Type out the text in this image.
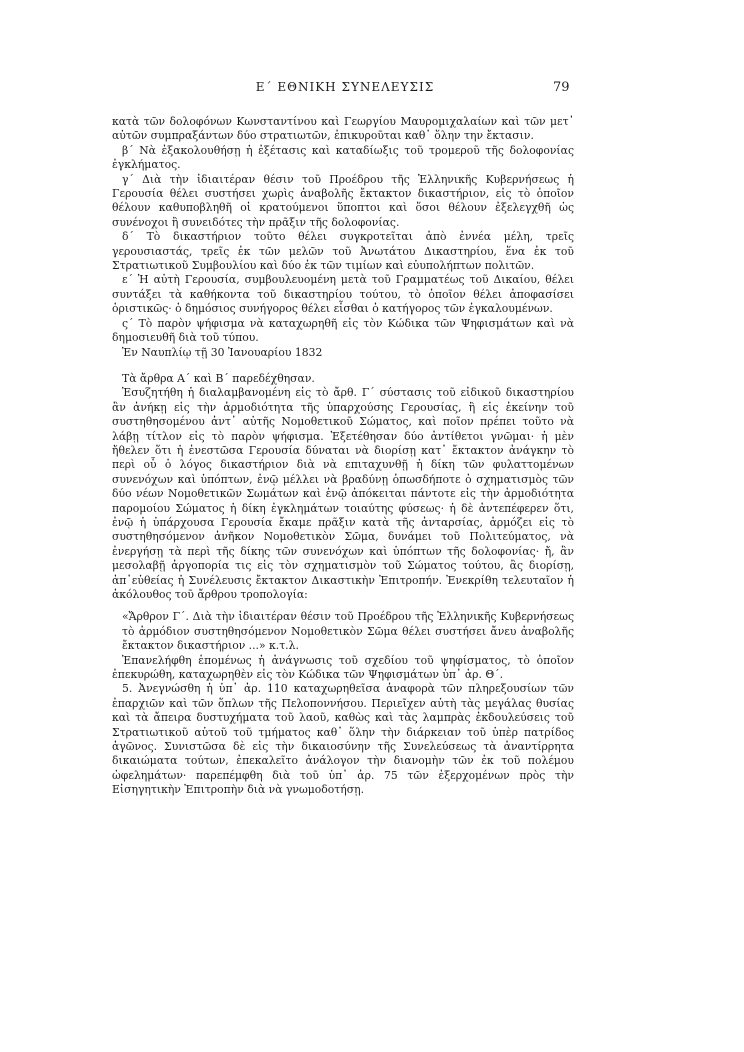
Ε΄ ΕΘΝΙΚΗ ΣΥΝΕΛΕΥΣΙΣ	79

κατὰ τῶν δολοφόνων Κωνσταντίνου καὶ Γεωργίου Μαυρομιχαλαίων καὶ τῶν μετ᾽ αὐτῶν συμπραξάντων δύο στρατιωτῶν, ἐπικυροῦται καθ᾽ ὅλην την ἔκτασιν.

β΄ Νὰ ἐξακολουθήσῃ ἡ ἐξέτασις καὶ καταδίωξις τοῦ τρομεροῦ τῆς δολοφονίας ἐγκλήματος.

γ΄ Διὰ τὴν ἰδιαιτέραν θέσιν τοῦ Προέδρου τῆς Ἑλληνικῆς Κυβερνήσεως ἡ Γερουσία θέλει συστήσει χωρὶς ἀναβολῆς ἔκτακτον δικαστήριον, εἰς τὸ ὁποῖον θέλουν καθυποβληθῆ οἱ κρατούμενοι ὕποπτοι καὶ ὅσοι θέλουν ἐξελεγχθῆ ὡς συνένοχοι ἢ συνειδότες τὴν πρᾶξιν τῆς δολοφονίας.

δ΄ Τὸ δικαστήριον τοῦτο θέλει συγκροτεῖται ἀπὸ ἐννέα μέλη, τρεῖς γερουσιαστάς, τρεῖς ἐκ τῶν μελῶν τοῦ Ἀνωτάτου Δικαστηρίου, ἕνα ἐκ τοῦ Στρατιωτικοῦ Συμβουλίου καὶ δύο ἐκ τῶν τιμίων καὶ εὐυπολήπτων πολιτῶν.

ε΄ Ἡ αὐτὴ Γερουσία, συμβουλευομένη μετὰ τοῦ Γραμματέως τοῦ Δικαίου, θέλει συντάξει τὰ καθήκοντα τοῦ δικαστηρίου τούτου, τὸ ὁποῖον θέλει ἀποφασίσει ὁριστικῶς· ὁ δημόσιος συνήγορος θέλει εἶσθαι ὁ κατήγορος τῶν ἐγκαλουμένων.

ς΄ Τὸ παρὸν ψήφισμα νὰ καταχωρηθῆ εἰς τὸν Κώδικα τῶν Ψηφισμάτων καὶ νὰ δημοσιευθῆ διὰ τοῦ τύπου.

Ἐν Ναυπλίῳ τῇ 30 Ἰανουαρίου 1832

Τὰ ἄρθρα Α΄ καὶ Β΄ παρεδέχθησαν.

Ἐσυζητήθη ἡ διαλαμβανομένη εἰς τὸ ἄρθ. Γ΄ σύστασις τοῦ εἰδικοῦ δικαστηρίου ἂν ἀνήκῃ εἰς τὴν ἁρμοδιότητα τῆς ὑπαρχούσης Γερουσίας, ἢ εἰς ἐκείνην τοῦ συστηθησομένου ἀντ᾽ αὐτῆς Νομοθετικοῦ Σώματος, καὶ ποῖον πρέπει τοῦτο νὰ λάβῃ τίτλον εἰς τὸ παρὸν ψήφισμα. Ἐξετέθησαν δύο ἀντίθετοι γνῶμαι· ἡ μὲν ἤθελεν ὅτι ἡ ἐνεστῶσα Γερουσία δύναται νὰ διορίσῃ κατ᾽ ἔκτακτον ἀνάγκην τὸ περὶ οὗ ὁ λόγος δικαστήριον διὰ νὰ επιταχυνθῇ ἡ δίκη τῶν φυλαττομένων συνενόχων καὶ ὑπόπτων, ἐνῷ μέλλει νὰ βραδύνῃ ὁπωσδήποτε ὁ σχηματισμὸς τῶν δύο νέων Νομοθετικῶν Σωμάτων καὶ ἐνῷ ἀπόκειται πάντοτε εἰς τὴν ἁρμοδιότητα παρομοίου Σώματος ἡ δίκη ἐγκλημάτων τοιαύτης φύσεως· ἡ δὲ ἀντεπέφερεν ὅτι, ἐνῷ ἡ ὑπάρχουσα Γερουσία ἔκαμε πρᾶξιν κατὰ τῆς ἀνταρσίας, ἁρμόζει εἰς τὸ συστηθησόμενον ἀνῆκον Νομοθετικὸν Σῶμα, δυνάμει τοῦ Πολιτεύματος, νὰ ἐνεργήσῃ τὰ περὶ τῆς δίκης τῶν συνενόχων καὶ ὑπόπτων τῆς δολοφονίας· ἤ, ἂν μεσολαβῇ ἀργοπορία τις εἰς τὸν σχηματισμὸν τοῦ Σώματος τούτου, ἂς διορίσῃ, ἀπ᾽εὐθείας ἡ Συνέλευσις ἔκτακτον Δικαστικὴν Ἐπιτροπήν. Ἐνεκρίθη τελευταῖον ἡ ἀκόλουθος τοῦ ἄρθρου τροπολογία:

«Ἄρθρον Γ΄. Διὰ τὴν ἰδιαιτέραν θέσιν τοῦ Προέδρου τῆς Ἑλληνικῆς Κυβερνήσεως τὸ ἁρμόδιον συστηθησόμενον Νομοθετικὸν Σῶμα θέλει συστήσει ἄνευ ἀναβολῆς ἔκτακτον δικαστήριον ...» κ.τ.λ.

Ἐπανελήφθη ἑπομένως ἡ ἀνάγνωσις τοῦ σχεδίου τοῦ ψηφίσματος, τὸ ὁποῖον ἐπεκυρώθη, καταχωρηθὲν εἰς τὸν Κώδικα τῶν Ψηφισμάτων ὑπ᾽ ἀρ. Θ΄.

5. Ἀνεγνώσθη ἡ ὑπ᾽ ἀρ. 110 καταχωρηθεῖσα ἀναφορὰ τῶν πληρεξουσίων τῶν ἐπαρχιῶν καὶ τῶν ὅπλων τῆς Πελοποννήσου. Περιεῖχεν αὐτὴ τὰς μεγάλας θυσίας καὶ τὰ ἄπειρα δυστυχήματα τοῦ λαοῦ, καθὼς καὶ τὰς λαμπρὰς ἐκδουλεύσεις τοῦ Στρατιωτικοῦ αὐτοῦ τοῦ τμήματος καθ᾽ ὅλην τὴν διάρκειαν τοῦ ὑπὲρ πατρίδος ἀγῶνος. Συνιστῶσα δὲ εἰς τὴν δικαιοσύνην τῆς Συνελεύσεως τὰ ἀναντίρρητα δικαιώματα τούτων, ἐπεκαλεῖτο ἀνάλογον τὴν διανομὴν τῶν ἐκ τοῦ πολέμου ὠφελημάτων· παρεπέμφθη διὰ τοῦ ὑπ᾽ ἀρ. 75 τῶν ἐξερχομένων πρὸς τὴν Εἰσηγητικὴν Ἐπιτροπὴν διὰ νὰ γνωμοδοτήσῃ.
